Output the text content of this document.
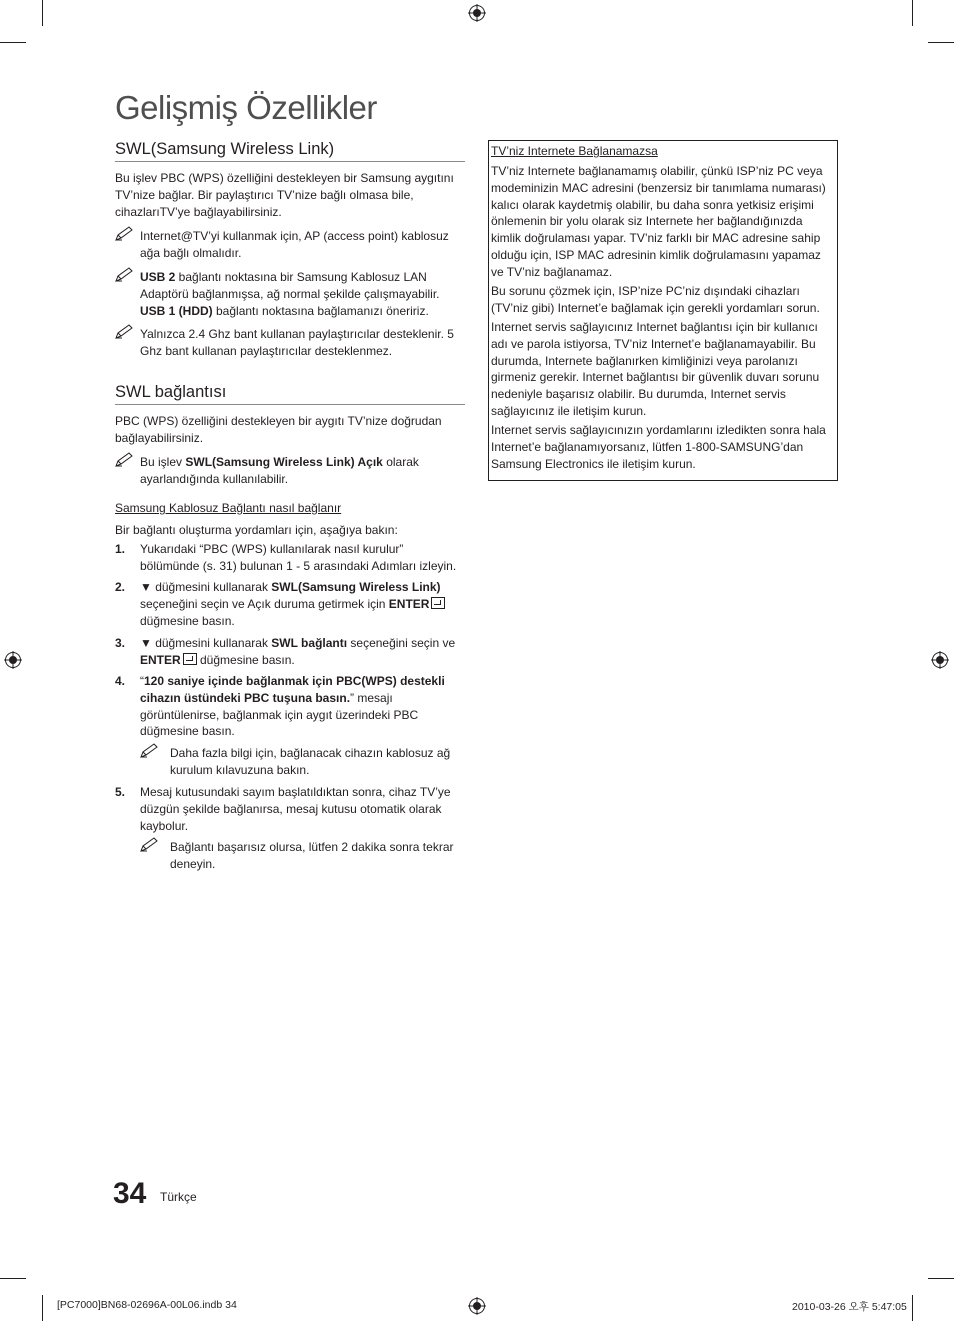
Gelişmiş Özellikler
SWL(Samsung Wireless Link)
Bu işlev PBC (WPS) özelliğini destekleyen bir Samsung aygıtını TV’nize bağlar. Bir paylaştırıcı TV’nize bağlı olmasa bile, cihazlarıTV’ye bağlayabilirsiniz.
Internet@TV’yi kullanmak için, AP (access point) kablosuz ağa bağlı olmalıdır.
USB 2 bağlantı noktasına bir Samsung Kablosuz LAN Adaptörü bağlanmışsa, ağ normal şekilde çalışmayabilir. USB 1 (HDD) bağlantı noktasına bağlamanızı öneririz.
Yalnızca 2.4 Ghz bant kullanan paylaştırıcılar desteklenir. 5 Ghz bant kullanan paylaştırıcılar desteklenmez.
SWL bağlantısı
PBC (WPS) özelliğini destekleyen bir aygıtı TV’nize doğrudan bağlayabilirsiniz.
Bu işlev SWL(Samsung Wireless Link) Açık olarak ayarlandığında kullanılabilir.
Samsung Kablosuz Bağlantı nasıl bağlanır
Bir bağlantı oluşturma yordamları için, aşağıya bakın:
1. Yukarıdaki “PBC (WPS) kullanılarak nasıl kurulur” bölümünde (s. 31) bulunan 1 - 5 arasındaki Adımları izleyin.
2. ▼ düğmesini kullanarak SWL(Samsung Wireless Link) seçeneğini seçin ve Açık duruma getirmek için ENTER düğmesine basın.
3. ▼ düğmesini kullanarak SWL bağlantı seçeneğini seçin ve ENTER düğmesine basın.
4. “120 saniye içinde bağlanmak için PBC(WPS) destekli cihazın üstündeki PBC tuşuna basın.” mesajı görüntülenirse, bağlanmak için aygıt üzerindeki PBC düğmesine basın.
Daha fazla bilgi için, bağlanacak cihazın kablosuz ağ kurulum kılavuzuna bakın.
5. Mesaj kutusundaki sayım başlatıldıktan sonra, cihaz TV’ye düzgün şekilde bağlanırsa, mesaj kutusu otomatik olarak kaybolur.
Bağlantı başarısız olursa, lütfen 2 dakika sonra tekrar deneyin.
TV’niz Internete Bağlanamazsa
TV’niz Internete bağlanamamış olabilir, çünkü ISP’niz PC veya modeminizin MAC adresini (benzersiz bir tanımlama numarası) kalıcı olarak kaydetmiş olabilir, bu daha sonra yetkisiz erişimi önlemenin bir yolu olarak siz Internete her bağlandığınızda kimlik doğrulaması yapar. TV’niz farklı bir MAC adresine sahip olduğu için, ISP MAC adresinin kimlik doğrulamasını yapamaz ve TV’niz bağlanamaz.
Bu sorunu çözmek için, ISP’nize PC’niz dışındaki cihazları (TV’niz gibi) Internet’e bağlamak için gerekli yordamları sorun.
Internet servis sağlayıcınız Internet bağlantısı için bir kullanıcı adı ve parola istiyorsa, TV’niz Internet’e bağlanamayabilir. Bu durumda, Internete bağlanırken kimliğinizi veya parolanızı girmeniz gerekir. Internet bağlantısı bir güvenlik duvarı sorunu nedeniyle başarısız olabilir. Bu durumda, Internet servis sağlayıcınız ile iletişim kurun.
Internet servis sağlayıcınızın yordamlarını izledikten sonra hala Internet’e bağlanamıyorsanız, lütfen 1-800-SAMSUNG’dan Samsung Electronics ile iletişim kurun.
34 Türkçe
[PC7000]BN68-02696A-00L06.indb 34	2010-03-26 오후 5:47:05
